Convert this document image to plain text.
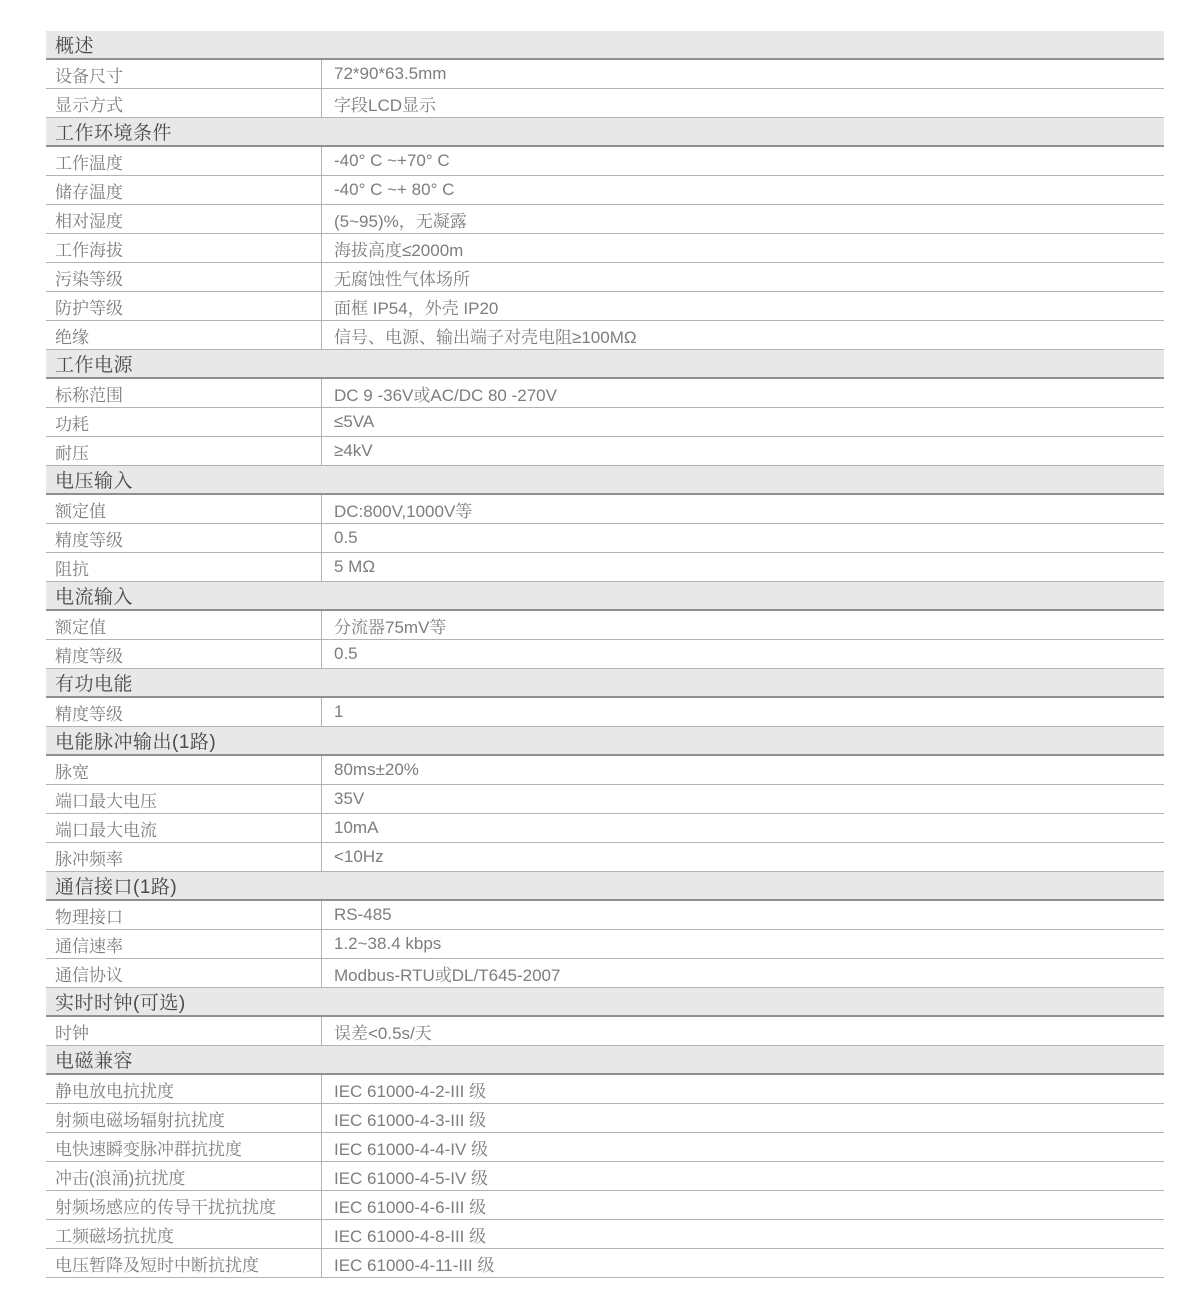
概述
设备尺寸	72*90*63.5mm
显示方式	字段LCD显示
工作环境条件
工作温度	-40° C ~+70° C
储存温度	-40° C ~+ 80° C
相对湿度	(5~95)%，无凝露
工作海拔	海拔高度≤2000m
污染等级	无腐蚀性气体场所
防护等级	面框 IP54，外壳 IP20
绝缘	信号、电源、输出端子对壳电阻≥100MΩ
工作电源
标称范围	DC 9 -36V或AC/DC 80 -270V
功耗	≤5VA
耐压	≥4kV
电压输入
额定值	DC:800V,1000V等
精度等级	0.5
阻抗	5 MΩ
电流输入
额定值	分流器75mV等
精度等级	0.5
有功电能
精度等级	1
电能脉冲输出(1路)
脉宽	80ms±20%
端口最大电压	35V
端口最大电流	10mA
脉冲频率	<10Hz
通信接口(1路)
物理接口	RS-485
通信速率	1.2~38.4 kbps
通信协议	Modbus-RTU或DL/T645-2007
实时时钟(可选)
时钟	误差<0.5s/天
电磁兼容
静电放电抗扰度	IEC 61000-4-2-III 级
射频电磁场辐射抗扰度	IEC 61000-4-3-III 级
电快速瞬变脉冲群抗扰度	IEC 61000-4-4-IV 级
冲击(浪涌)抗扰度	IEC 61000-4-5-IV 级
射频场感应的传导干扰抗扰度	IEC 61000-4-6-III 级
工频磁场抗扰度	IEC 61000-4-8-III 级
电压暂降及短时中断抗扰度	IEC 61000-4-11-III 级
